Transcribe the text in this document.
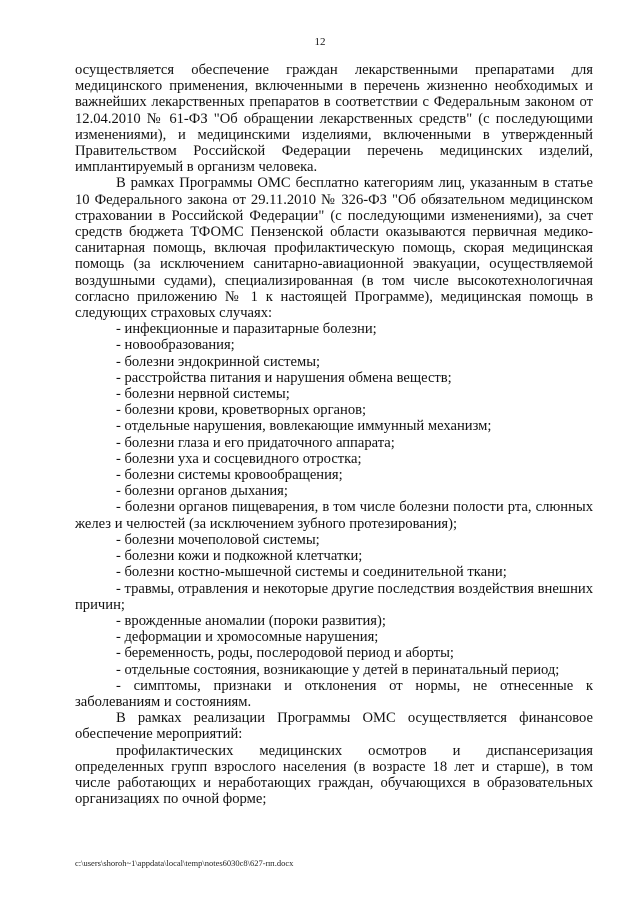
12

осуществляется обеспечение граждан лекарственными препаратами для медицинского применения, включенными в перечень жизненно необходимых и важнейших лекарственных препаратов в соответствии с Федеральным законом от 12.04.2010 № 61-ФЗ "Об обращении лекарственных средств" (с последующими изменениями), и медицинскими изделиями, включенными в утвержденный Правительством Российской Федерации перечень медицинских изделий, имплантируемый в организм человека.

В рамках Программы ОМС бесплатно категориям лиц, указанным в статье 10 Федерального закона от 29.11.2010 № 326-ФЗ "Об обязательном медицинском страховании в Российской Федерации" (с последующими изменениями), за счет средств бюджета ТФОМС Пензенской области оказываются первичная медико-санитарная помощь, включая профилактическую помощь, скорая медицинская помощь (за исключением санитарно-авиационной эвакуации, осуществляемой воздушными судами), специализированная (в том числе высокотехнологичная согласно приложению № 1 к настоящей Программе), медицинская помощь в следующих страховых случаях:

- инфекционные и паразитарные болезни;

- новообразования;

- болезни эндокринной системы;

- расстройства питания и нарушения обмена веществ;

- болезни нервной системы;

- болезни крови, кроветворных органов;

- отдельные нарушения, вовлекающие иммунный механизм;

- болезни глаза и его придаточного аппарата;

- болезни уха и сосцевидного отростка;

- болезни системы кровообращения;

- болезни органов дыхания;

- болезни органов пищеварения, в том числе болезни полости рта, слюнных желез и челюстей (за исключением зубного протезирования);

- болезни мочеполовой системы;

- болезни кожи и подкожной клетчатки;

- болезни костно-мышечной системы и соединительной ткани;

- травмы, отравления и некоторые другие последствия воздействия внешних причин;

- врожденные аномалии (пороки развития);

- деформации и хромосомные нарушения;

- беременность, роды, послеродовой период и аборты;

- отдельные состояния, возникающие у детей в перинатальный период;

- симптомы, признаки и отклонения от нормы, не отнесенные к заболеваниям и состояниям.

В рамках реализации Программы ОМС осуществляется финансовое обеспечение мероприятий:

профилактических медицинских осмотров и диспансеризация определенных групп взрослого населения (в возрасте 18 лет и старше), в том числе работающих и неработающих граждан, обучающихся в образовательных организациях по очной форме;

c:\users\shoroh~1\appdata\local\temp\notes6030c8\627-пп.docx
